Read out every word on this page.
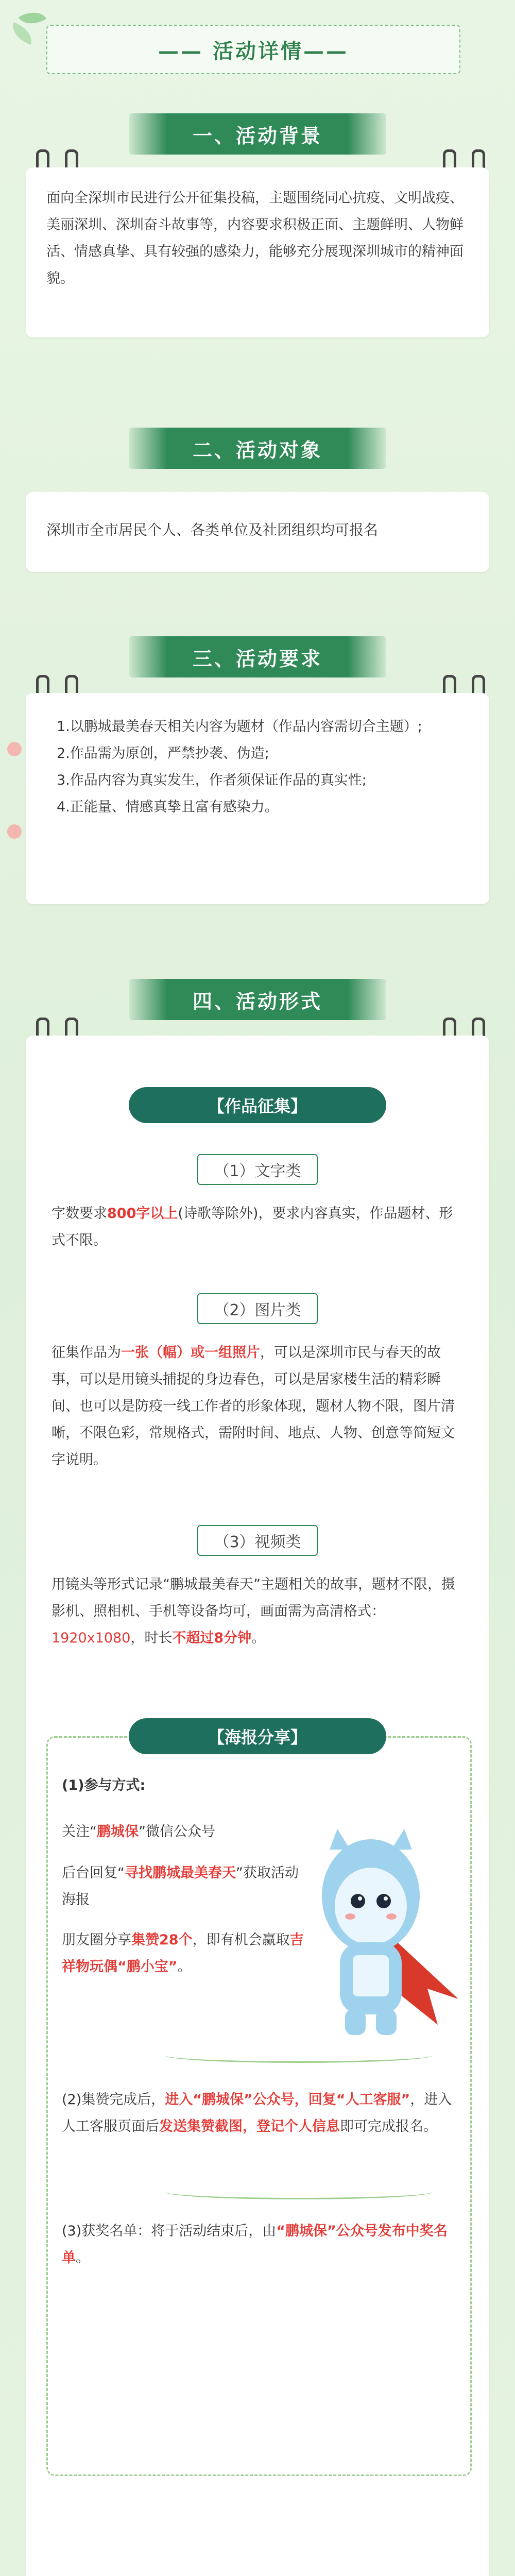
—— 活动详情——
一、活动背景
面向全深圳市民进行公开征集投稿，主题围绕同心抗疫、文明战疫、美丽深圳、深圳奋斗故事等，内容要求积极正面、主题鲜明、人物鲜活、情感真挚、具有较强的感染力，能够充分展现深圳城市的精神面貌。
二、活动对象
深圳市全市居民个人、各类单位及社团组织均可报名
三、活动要求
1.以鹏城最美春天相关内容为题材（作品内容需切合主题）;
2.作品需为原创，严禁抄袭、伪造;
3.作品内容为真实发生，作者须保证作品的真实性;
4.正能量、情感真挚且富有感染力。
四、活动形式
【作品征集】
（1）文字类
字数要求800字以上(诗歌等除外)，要求内容真实，作品题材、形式不限。
（2）图片类
征集作品为一张（幅）或一组照片，可以是深圳市民与春天的故事，可以是用镜头捕捉的身边春色，可以是居家楼生活的精彩瞬间、也可以是防疫一线工作者的形象体现，题材人物不限，图片清晰，不限色彩，常规格式，需附时间、地点、人物、创意等简短文字说明。
（3）视频类
用镜头等形式记录“鹏城最美春天”主题相关的故事，题材不限，摄影机、照相机、手机等设备均可，画面需为高清格式：1920x1080，时长不超过8分钟。
【海报分享】
(1)参与方式:
关注“鹏城保”微信公众号
后台回复“寻找鹏城最美春天”获取活动海报
朋友圈分享集赞28个，即有机会赢取吉祥物玩偶“鹏小宝”。
(2)集赞完成后，进入“鹏城保”公众号，回复“人工客服”，进入人工客服页面后发送集赞截图，登记个人信息即可完成报名。
(3)获奖名单：将于活动结束后，由“鹏城保”公众号发布中奖名单。
